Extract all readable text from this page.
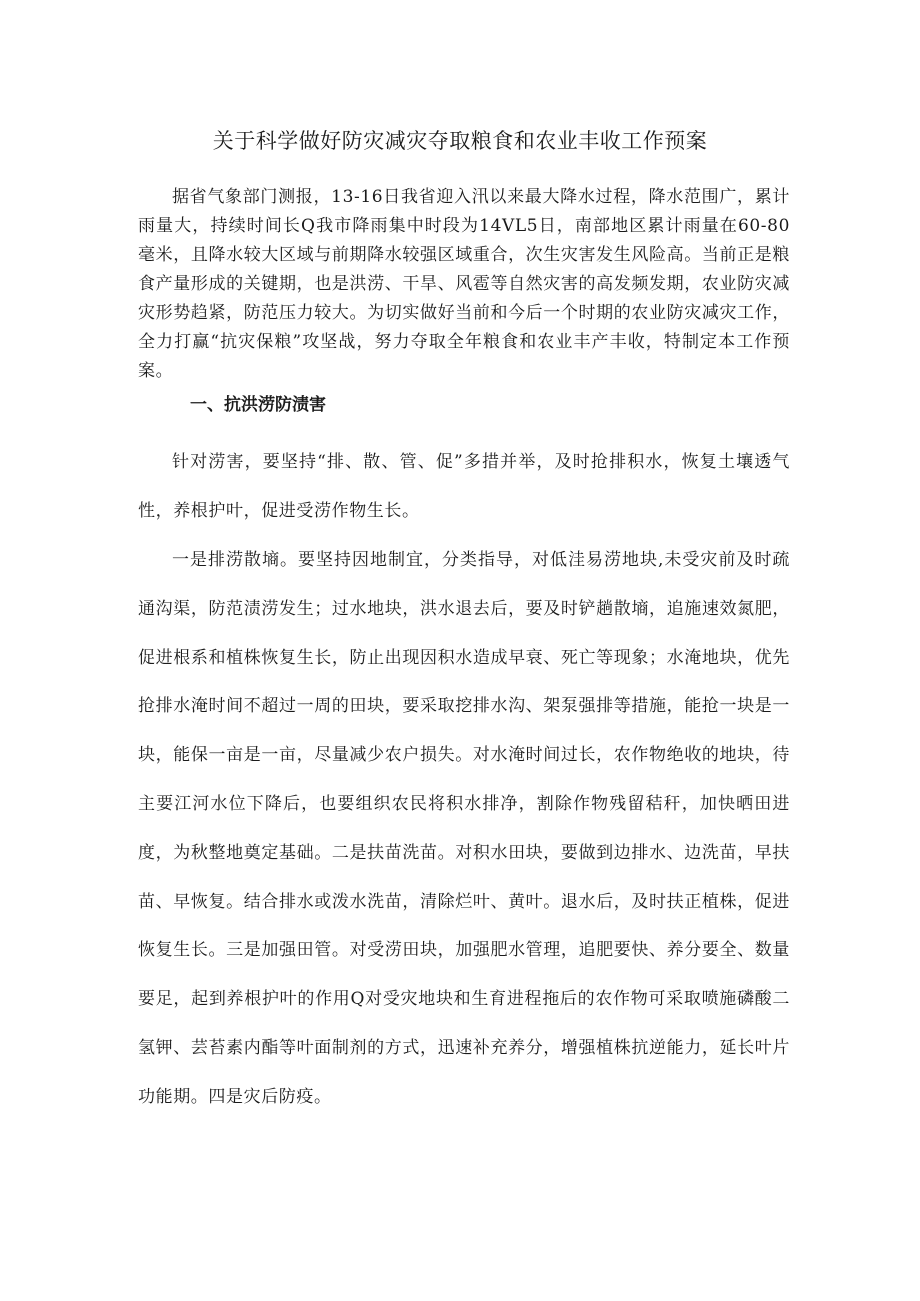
关于科学做好防灾减灾夺取粮食和农业丰收工作预案

据省气象部门测报，13-16日我省迎入汛以来最大降水过程，降水范围广，累计雨量大，持续时间长Q我市降雨集中时段为14VL5日，南部地区累计雨量在60-80毫米，且降水较大区域与前期降水较强区域重合，次生灾害发生风险高。当前正是粮食产量形成的关键期，也是洪涝、干旱、风雹等自然灾害的高发频发期，农业防灾减灾形势趋紧，防范压力较大。为切实做好当前和今后一个时期的农业防灾减灾工作，全力打赢“抗灾保粮”攻坚战，努力夺取全年粮食和农业丰产丰收，特制定本工作预案。

一、抗洪涝防渍害

针对涝害，要坚持“排、散、管、促”多措并举，及时抢排积水，恢复土壤透气性，养根护叶，促进受涝作物生长。

一是排涝散墒。要坚持因地制宜，分类指导，对低洼易涝地块,未受灾前及时疏通沟渠，防范渍涝发生；过水地块，洪水退去后，要及时铲趟散墒，追施速效氮肥，促进根系和植株恢复生长，防止出现因积水造成早衰、死亡等现象；水淹地块，优先抢排水淹时间不超过一周的田块，要采取挖排水沟、架泵强排等措施，能抢一块是一块，能保一亩是一亩，尽量减少农户损失。对水淹时间过长，农作物绝收的地块，待主要江河水位下降后，也要组织农民将积水排净，割除作物残留秸秆，加快晒田进度，为秋整地奠定基础。二是扶苗洗苗。对积水田块，要做到边排水、边洗苗，早扶苗、早恢复。结合排水或泼水洗苗，清除烂叶、黄叶。退水后，及时扶正植株，促进恢复生长。三是加强田管。对受涝田块，加强肥水管理，追肥要快、养分要全、数量要足，起到养根护叶的作用Q对受灾地块和生育进程拖后的农作物可采取喷施磷酸二氢钾、芸苔素内酯等叶面制剂的方式，迅速补充养分，增强植株抗逆能力，延长叶片功能期。四是灾后防疫。
